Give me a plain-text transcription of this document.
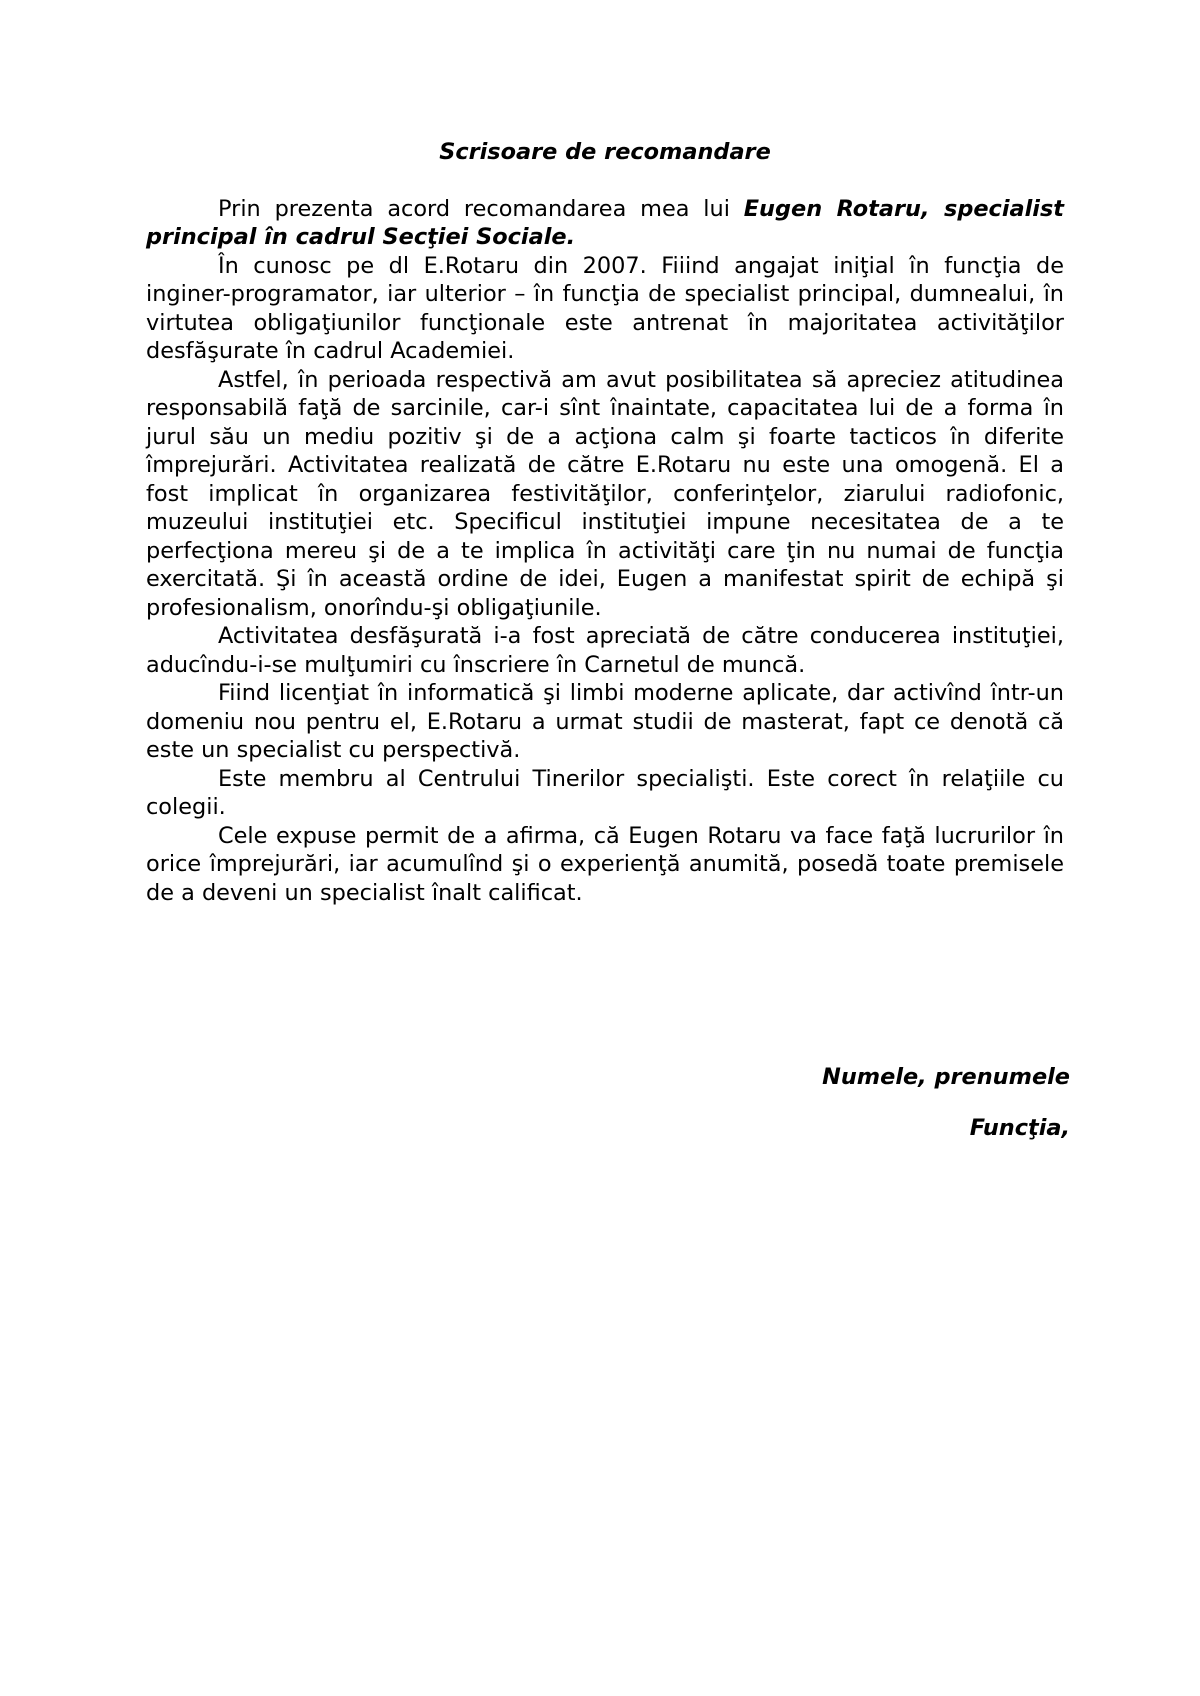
Scrisoare de recomandare

Prin prezenta acord recomandarea mea lui Eugen Rotaru, specialist principal în cadrul Secţiei Sociale.

În cunosc pe dl E.Rotaru din 2007. Fiiind angajat iniţial în funcţia de inginer-programator, iar ulterior – în funcţia de specialist principal, dumnealui, în virtutea obligaţiunilor funcţionale este antrenat în majoritatea activităţilor desfăşurate în cadrul Academiei.

Astfel, în perioada respectivă am avut posibilitatea să apreciez atitudinea responsabilă faţă de sarcinile, car-i sînt înaintate, capacitatea lui de a forma în jurul său un mediu pozitiv şi de a acţiona calm şi foarte tacticos în diferite împrejurări. Activitatea realizată de către E.Rotaru nu este una omogenă. El a fost implicat în organizarea festivităţilor, conferinţelor, ziarului radiofonic, muzeului instituţiei etc. Specificul instituţiei impune necesitatea de a te perfecţiona mereu şi de a te implica în activităţi care ţin nu numai de funcţia exercitată. Şi în această ordine de idei, Eugen a manifestat spirit de echipă şi profesionalism, onorîndu-şi obligaţiunile.

Activitatea desfăşurată i-a fost apreciată de către conducerea instituţiei, aducîndu-i-se mulţumiri cu înscriere în Carnetul de muncă.

Fiind licenţiat în informatică şi limbi moderne aplicate, dar activînd într-un domeniu nou pentru el, E.Rotaru a urmat studii de masterat, fapt ce denotă că este un specialist cu perspectivă.

Este membru al Centrului Tinerilor specialişti. Este corect în relaţiile cu colegii.

Cele expuse permit de a afirma, că Eugen Rotaru va face faţă lucrurilor în orice împrejurări, iar acumulînd şi o experienţă anumită, posedă toate premisele de a deveni un specialist înalt calificat.

Numele, prenumele

Funcţia,
